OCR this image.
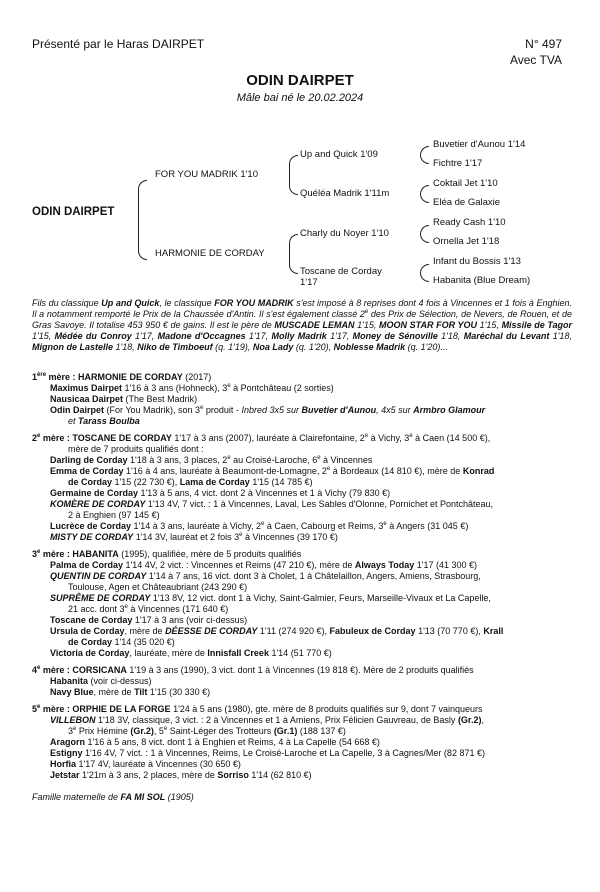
Présenté par le Haras DAIRPET	N° 497
Avec TVA
ODIN DAIRPET
Mâle bai né le 20.02.2024
ODIN DAIRPET
FOR YOU MADRIK 1'10
HARMONIE DE CORDAY
Up and Quick 1'09
Quéléa Madrik 1'11m
Charly du Noyer 1'10
Toscane de Corday
1'17
Buvetier d'Aunou 1'14
Fichtre 1'17
Coktail Jet 1'10
Eléa de Galaxie
Ready Cash 1'10
Ornella Jet 1'18
Infant du Bossis 1'13
Habanita (Blue Dream)
Fils du classique Up and Quick, le classique FOR YOU MADRIK s'est imposé à 8 reprises dont 4 fois à Vincennes et 1 fois à Enghien. Il a notamment remporté le Prix de la Chaussée d'Antin. Il s'est également classé 2e des Prix de Sélection, de Nevers, de Rouen, et de Gras Savoye. Il totalise 453 950 € de gains. Il est le père de MUSCADE LEMAN 1'15, MOON STAR FOR YOU 1'15, Missile de Tagor 1'15, Médée du Conroy 1'17, Madone d'Occagnes 1'17, Molly Madrik 1'17, Money de Sénoville 1'18, Maréchal du Levant 1'18, Mignon de Lastelle 1'18, Niko de Timboeuf (q. 1'19), Noa Lady (q. 1'20), Noblesse Madrik (q. 1'20)...
1ère mère : HARMONIE DE CORDAY (2017)
Maximus Dairpet 1'16 à 3 ans (Hohneck), 3e à Pontchâteau (2 sorties)
Nausicaa Dairpet (The Best Madrik)
Odin Dairpet (For You Madrik), son 3e produit - Inbred 3x5 sur Buvetier d'Aunou, 4x5 sur Armbro Glamour
et Tarass Boulba
2e mère : TOSCANE DE CORDAY 1'17 à 3 ans (2007), lauréate à Clairefontaine, 2e à Vichy, 3e à Caen (14 500 €),
mère de 7 produits qualifiés dont :
Darling de Corday 1'18 à 3 ans, 3 places, 2e au Croisé-Laroche, 6e à Vincennes
Emma de Corday 1'16 à 4 ans, lauréate à Beaumont-de-Lomagne, 2e à Bordeaux (14 810 €), mère de Konrad
de Corday 1'15 (22 730 €), Lama de Corday 1'15 (14 785 €)
Germaine de Corday 1'13 à 5 ans, 4 vict. dont 2 à Vincennes et 1 à Vichy (79 830 €)
KOMÈRE DE CORDAY 1'13 4V, 7 vict. : 1 à Vincennes, Laval, Les Sables d'Olonne, Pornichet et Pontchâteau,
2 à Enghien (97 145 €)
Lucrèce de Corday 1'14 à 3 ans, lauréate à Vichy, 2e à Caen, Cabourg et Reims, 3e à Angers (31 045 €)
MISTY DE CORDAY 1'14 3V, lauréat et 2 fois 3e à Vincennes (39 170 €)
3e mère : HABANITA (1995), qualifiée, mère de 5 produits qualifiés
Palma de Corday 1'14 4V, 2 vict. : Vincennes et Reims (47 210 €), mère de Always Today 1'17 (41 300 €)
QUENTIN DE CORDAY 1'14 à 7 ans, 16 vict. dont 3 à Cholet, 1 à Châtelaillon, Angers, Amiens, Strasbourg,
Toulouse, Agen et Châteaubriant (243 290 €)
SUPRÊME DE CORDAY 1'13 8V, 12 vict. dont 1 à Vichy, Saint-Galmier, Feurs, Marseille-Vivaux et La Capelle,
21 acc. dont 3e à Vincennes (171 640 €)
Toscane de Corday 1'17 à 3 ans (voir ci-dessus)
Ursula de Corday, mère de DÉESSE DE CORDAY 1'11 (274 920 €), Fabuleux de Corday 1'13 (70 770 €), Krall
de Corday 1'14 (35 020 €)
Victoria de Corday, lauréate, mère de Innisfall Creek 1'14 (51 770 €)
4e mère : CORSICANA 1'19 à 3 ans (1990), 3 vict. dont 1 à Vincennes (19 818 €). Mère de 2 produits qualifiés
Habanita (voir ci-dessus)
Navy Blue, mère de Tilt 1'15 (30 330 €)
5e mère : ORPHIE DE LA FORGE 1'24 à 5 ans (1980), gte. mère de 8 produits qualifiés sur 9, dont 7 vainqueurs
VILLEBON 1'18 3V, classique, 3 vict. : 2 à Vincennes et 1 à Amiens, Prix Félicien Gauvreau, de Basly (Gr.2),
3e Prix Hémine (Gr.2), 5e Saint-Léger des Trotteurs (Gr.1) (188 137 €)
Aragorn 1'16 à 5 ans, 8 vict. dont 1 à Enghien et Reims, 4 à La Capelle (54 668 €)
Estigny 1'16 4V, 7 vict. : 1 à Vincennes, Reims, Le Croisé-Laroche et La Capelle, 3 à Cagnes/Mer (82 871 €)
Horfia 1'17 4V, lauréate à Vincennes (30 650 €)
Jetstar 1'21m à 3 ans, 2 places, mère de Sorriso 1'14 (62 810 €)
Famille maternelle de FA MI SOL (1905)
